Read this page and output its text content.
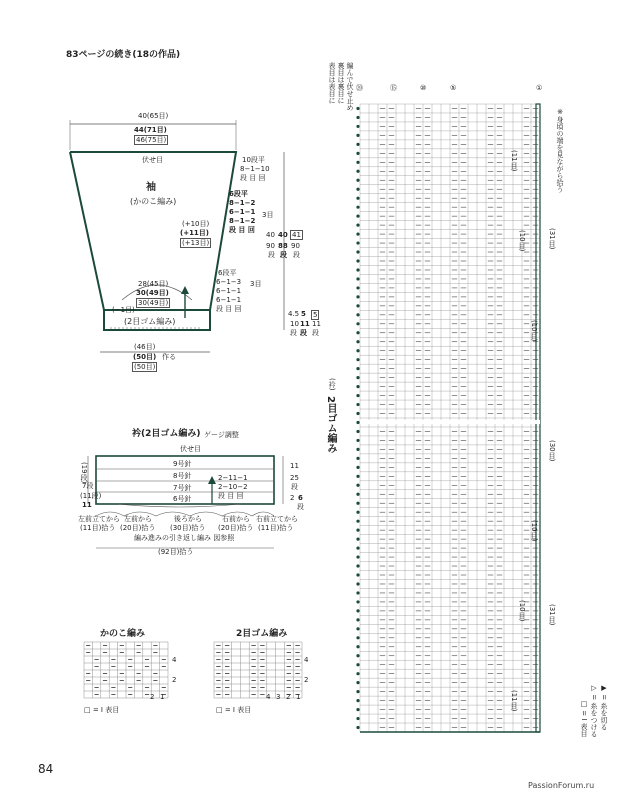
83ページの続き(18の作品)
40(65目)
44(71目)
46(75目)
伏せ目
袖
(かのこ編み)
10段平
8−1−10
段 目 回
6段平
8−1−2
6−1−1
8−1−2
段 目 回
3目
(+10目)
(+11目)
(+13目)
40
90
段
40
88
段
41
90
段
6段平
6−1−3
6−1−1
6−1−1
段 目 回
3目
28(45目)
30(49目)
30(49目)
(−1目)
(2目ゴム編み)
4.5
10
段
5
11
段
5
11
段
(46目)
(50目) 作る
(50目)
衿(2目ゴム編み) ゲージ調整
伏せ目
9号針
8号針
7号針
6号針
2−11−1
2−10−2
段 目 回
(19段)
7段
(11段)
11
11
25
段
2 6
段
左前立てから
(11目)拾う
左前から
(20目)拾う
後ろから
(30目)拾う
右前から
(20目)拾う
右前立てから
(11目)拾う
編み進みの引き返し編み 図参照
(92目)拾う
かのこ編み
4
2
2 1
□ = I 表目
2目ゴム編み
4
2
4 3 2 1
□ = I 表目
表目は表目に 裏目は裏目に 編んで伏せ止め ⑳	⑮	⑩	⑤	①
※身頃の端を見ながら拾う
2目ゴム編み
(衿)
(11目)
(10目)
(10目)
(10目)
(10目)
(11目)
(31目)
(30目)
(31目)
□ = I 表目 ▷ = 糸をつける ▶ = 糸を切る
84
PassionForum.ru
